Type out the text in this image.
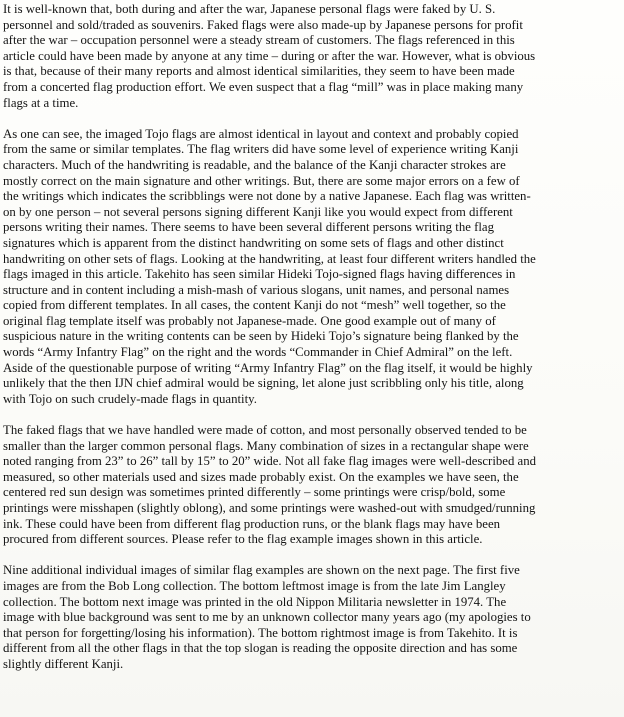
It is well-known that, both during and after the war, Japanese personal flags were faked by U. S.
personnel and sold/traded as souvenirs. Faked flags were also made-up by Japanese persons for profit
after the war – occupation personnel were a steady stream of customers. The flags referenced in this
article could have been made by anyone at any time – during or after the war. However, what is obvious
is that, because of their many reports and almost identical similarities, they seem to have been made
from a concerted flag production effort. We even suspect that a flag “mill” was in place making many
flags at a time.
As one can see, the imaged Tojo flags are almost identical in layout and context and probably copied
from the same or similar templates. The flag writers did have some level of experience writing Kanji
characters. Much of the handwriting is readable, and the balance of the Kanji character strokes are
mostly correct on the main signature and other writings. But, there are some major errors on a few of
the writings which indicates the scribblings were not done by a native Japanese. Each flag was written-
on by one person – not several persons signing different Kanji like you would expect from different
persons writing their names. There seems to have been several different persons writing the flag
signatures which is apparent from the distinct handwriting on some sets of flags and other distinct
handwriting on other sets of flags. Looking at the handwriting, at least four different writers handled the
flags imaged in this article. Takehito has seen similar Hideki Tojo-signed flags having differences in
structure and in content including a mish-mash of various slogans, unit names, and personal names
copied from different templates. In all cases, the content Kanji do not “mesh” well together, so the
original flag template itself was probably not Japanese-made. One good example out of many of
suspicious nature in the writing contents can be seen by Hideki Tojo’s signature being flanked by the
words “Army Infantry Flag” on the right and the words “Commander in Chief Admiral” on the left.
Aside of the questionable purpose of writing “Army Infantry Flag” on the flag itself, it would be highly
unlikely that the then IJN chief admiral would be signing, let alone just scribbling only his title, along
with Tojo on such crudely-made flags in quantity.
The faked flags that we have handled were made of cotton, and most personally observed tended to be
smaller than the larger common personal flags. Many combination of sizes in a rectangular shape were
noted ranging from 23” to 26” tall by 15” to 20” wide. Not all fake flag images were well-described and
measured, so other materials used and sizes made probably exist. On the examples we have seen, the
centered red sun design was sometimes printed differently – some printings were crisp/bold, some
printings were misshapen (slightly oblong), and some printings were washed-out with smudged/running
ink. These could have been from different flag production runs, or the blank flags may have been
procured from different sources. Please refer to the flag example images shown in this article.
Nine additional individual images of similar flag examples are shown on the next page. The first five
images are from the Bob Long collection. The bottom leftmost image is from the late Jim Langley
collection. The bottom next image was printed in the old Nippon Militaria newsletter in 1974. The
image with blue background was sent to me by an unknown collector many years ago (my apologies to
that person for forgetting/losing his information). The bottom rightmost image is from Takehito. It is
different from all the other flags in that the top slogan is reading the opposite direction and has some
slightly different Kanji.
